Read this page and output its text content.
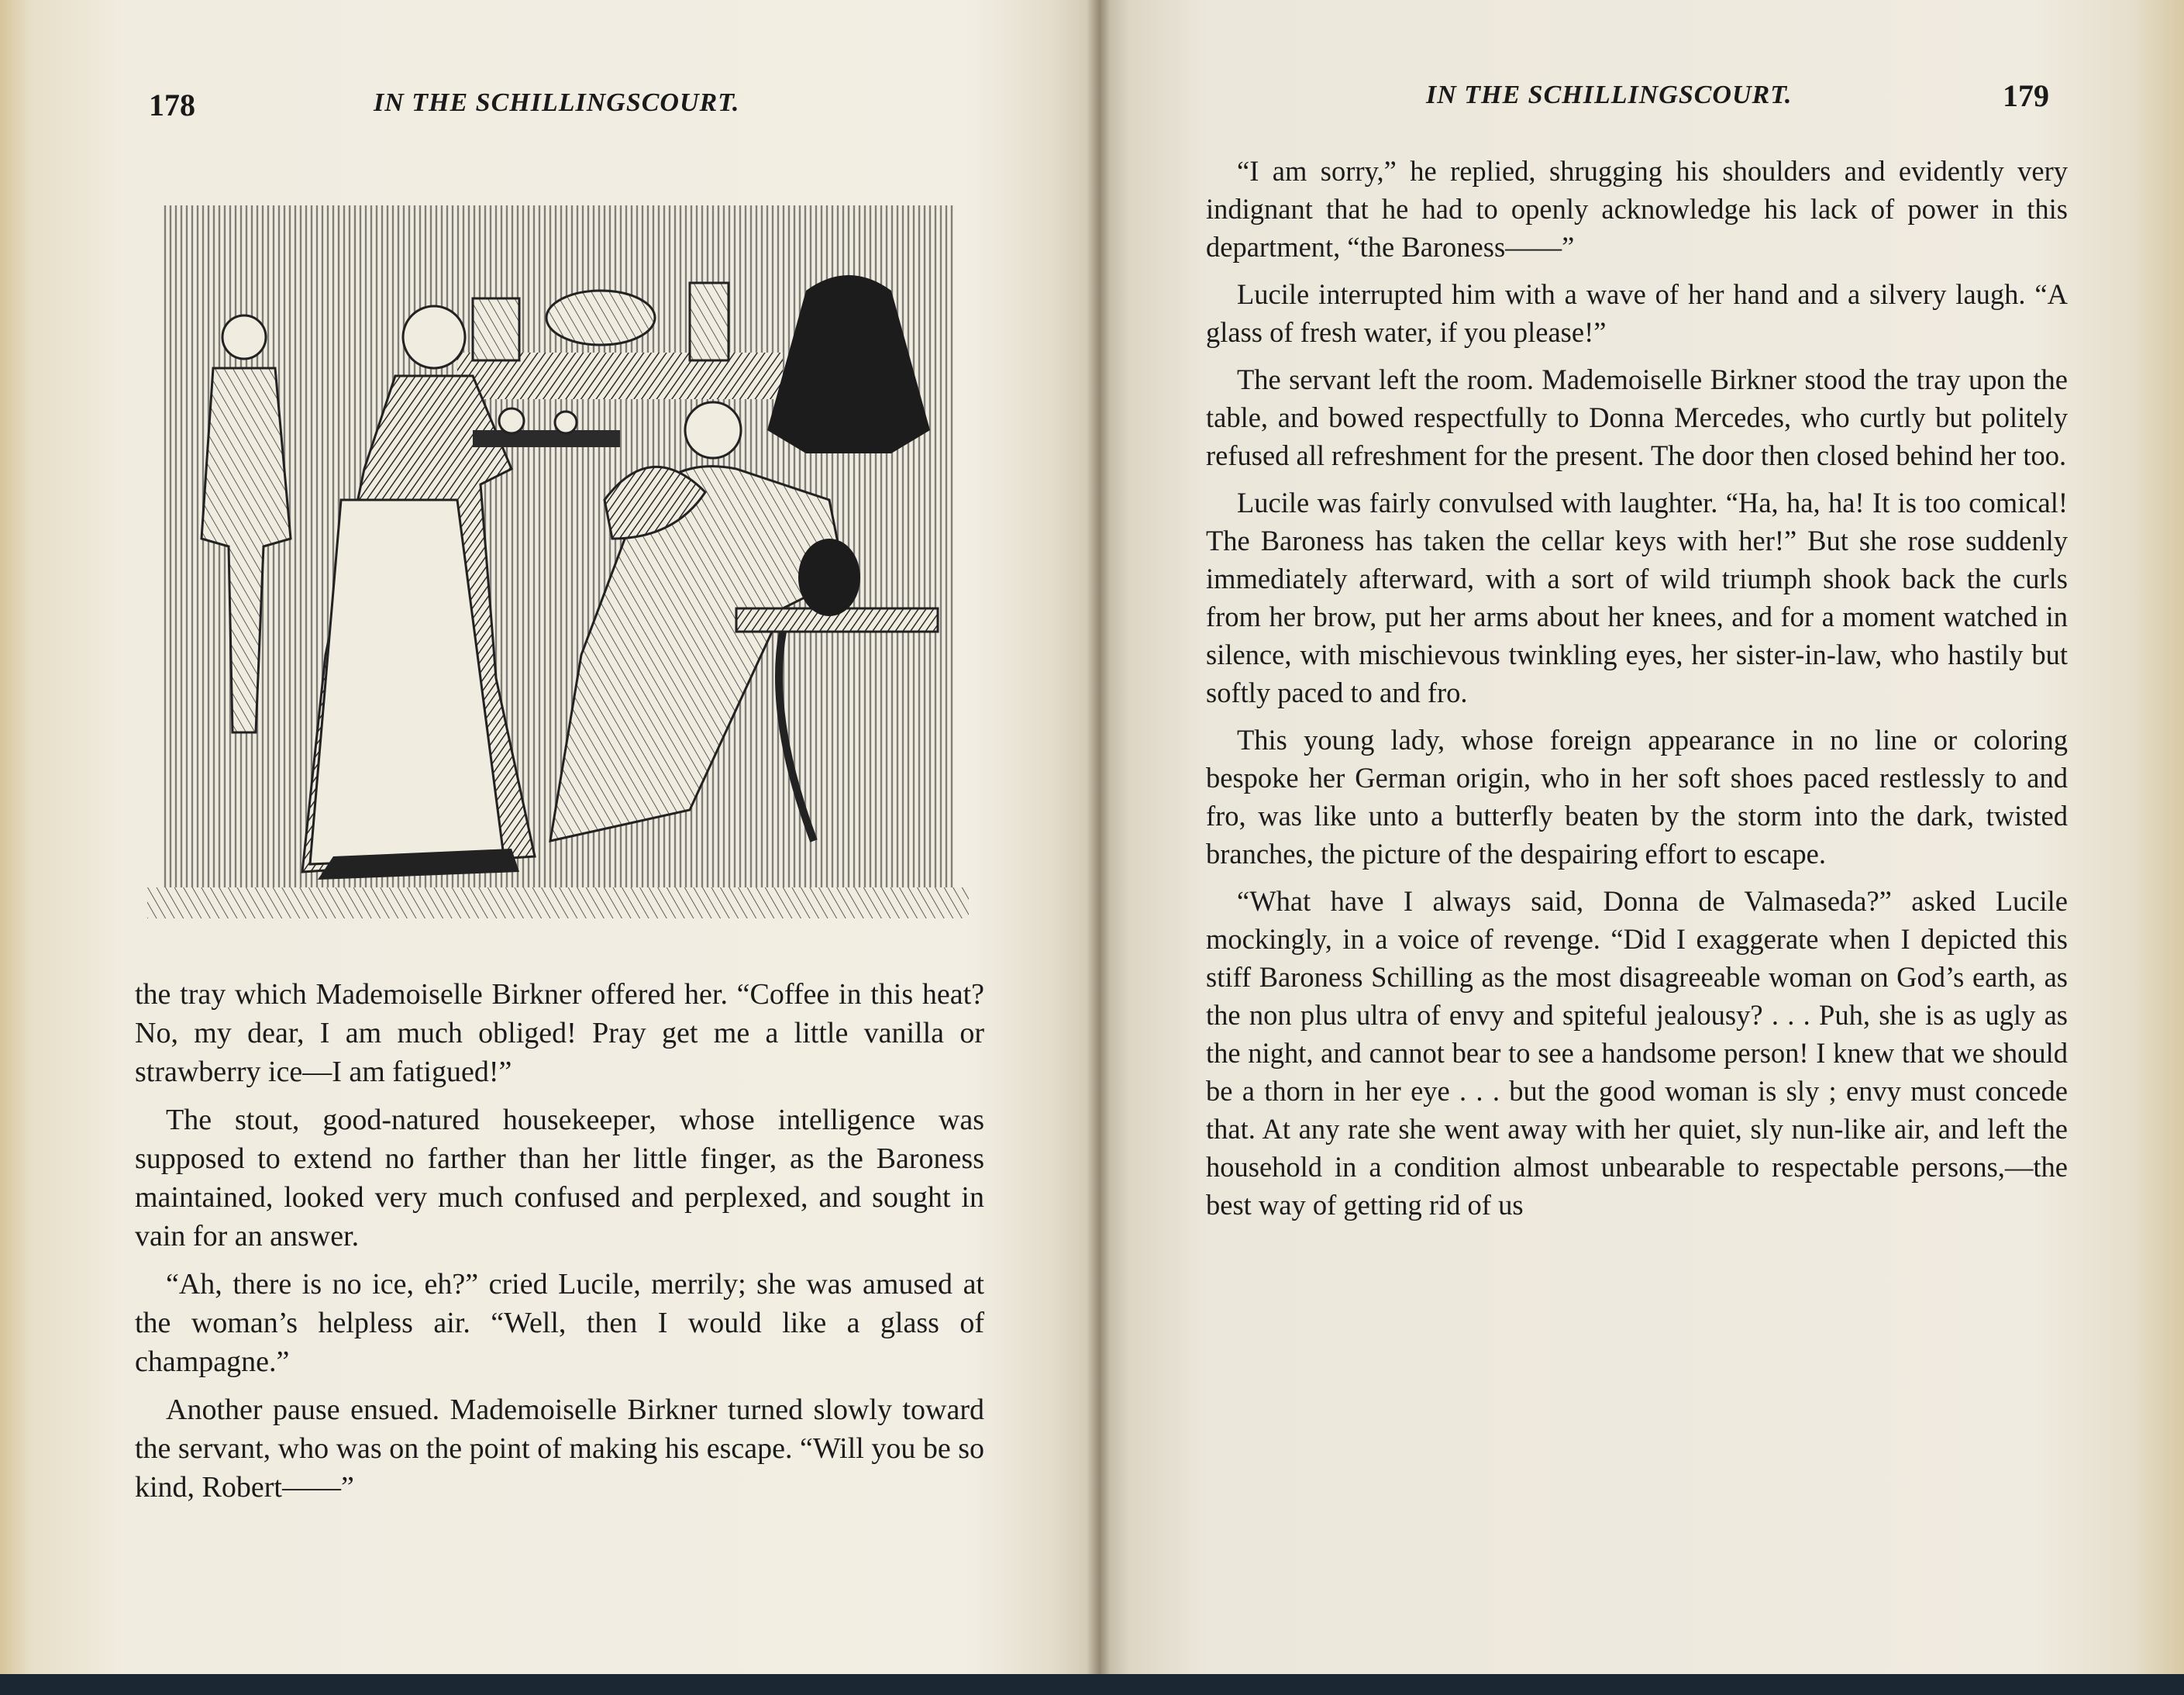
178	IN THE SCHILLINGSCOURT.

the tray which Mademoiselle Birkner offered her. “Coffee in this heat? No, my dear, I am much obliged! Pray get me a little vanilla or strawberry ice—I am fatigued!”

The stout, good-natured housekeeper, whose intelligence was supposed to extend no farther than her little finger, as the Baroness maintained, looked very much confused and perplexed, and sought in vain for an answer.

“Ah, there is no ice, eh?” cried Lucile, merrily; she was amused at the woman’s helpless air. “Well, then I would like a glass of champagne.”

Another pause ensued. Mademoiselle Birkner turned slowly toward the servant, who was on the point of making his escape. “Will you be so kind, Robert——”

IN THE SCHILLINGSCOURT.	179

“I am sorry,” he replied, shrugging his shoulders and evidently very indignant that he had to openly acknowledge his lack of power in this department, “the Baroness——”

Lucile interrupted him with a wave of her hand and a silvery laugh. “A glass of fresh water, if you please!”

The servant left the room. Mademoiselle Birkner stood the tray upon the table, and bowed respectfully to Donna Mercedes, who curtly but politely refused all refreshment for the present. The door then closed behind her too.

Lucile was fairly convulsed with laughter. “Ha, ha, ha! It is too comical! The Baroness has taken the cellar keys with her!” But she rose suddenly immediately afterward, with a sort of wild triumph shook back the curls from her brow, put her arms about her knees, and for a moment watched in silence, with mischievous twinkling eyes, her sister-in-law, who hastily but softly paced to and fro.

This young lady, whose foreign appearance in no line or coloring bespoke her German origin, who in her soft shoes paced restlessly to and fro, was like unto a butterfly beaten by the storm into the dark, twisted branches, the picture of the despairing effort to escape.

“What have I always said, Donna de Valmaseda?” asked Lucile mockingly, in a voice of revenge. “Did I exaggerate when I depicted this stiff Baroness Schilling as the most disagreeable woman on God’s earth, as the non plus ultra of envy and spiteful jealousy? . . . Puh, she is as ugly as the night, and cannot bear to see a handsome person! I knew that we should be a thorn in her eye . . . but the good woman is sly ; envy must concede that. At any rate she went away with her quiet, sly nun-like air, and left the household in a condition almost unbearable to respectable persons,—the best way of getting rid of us
